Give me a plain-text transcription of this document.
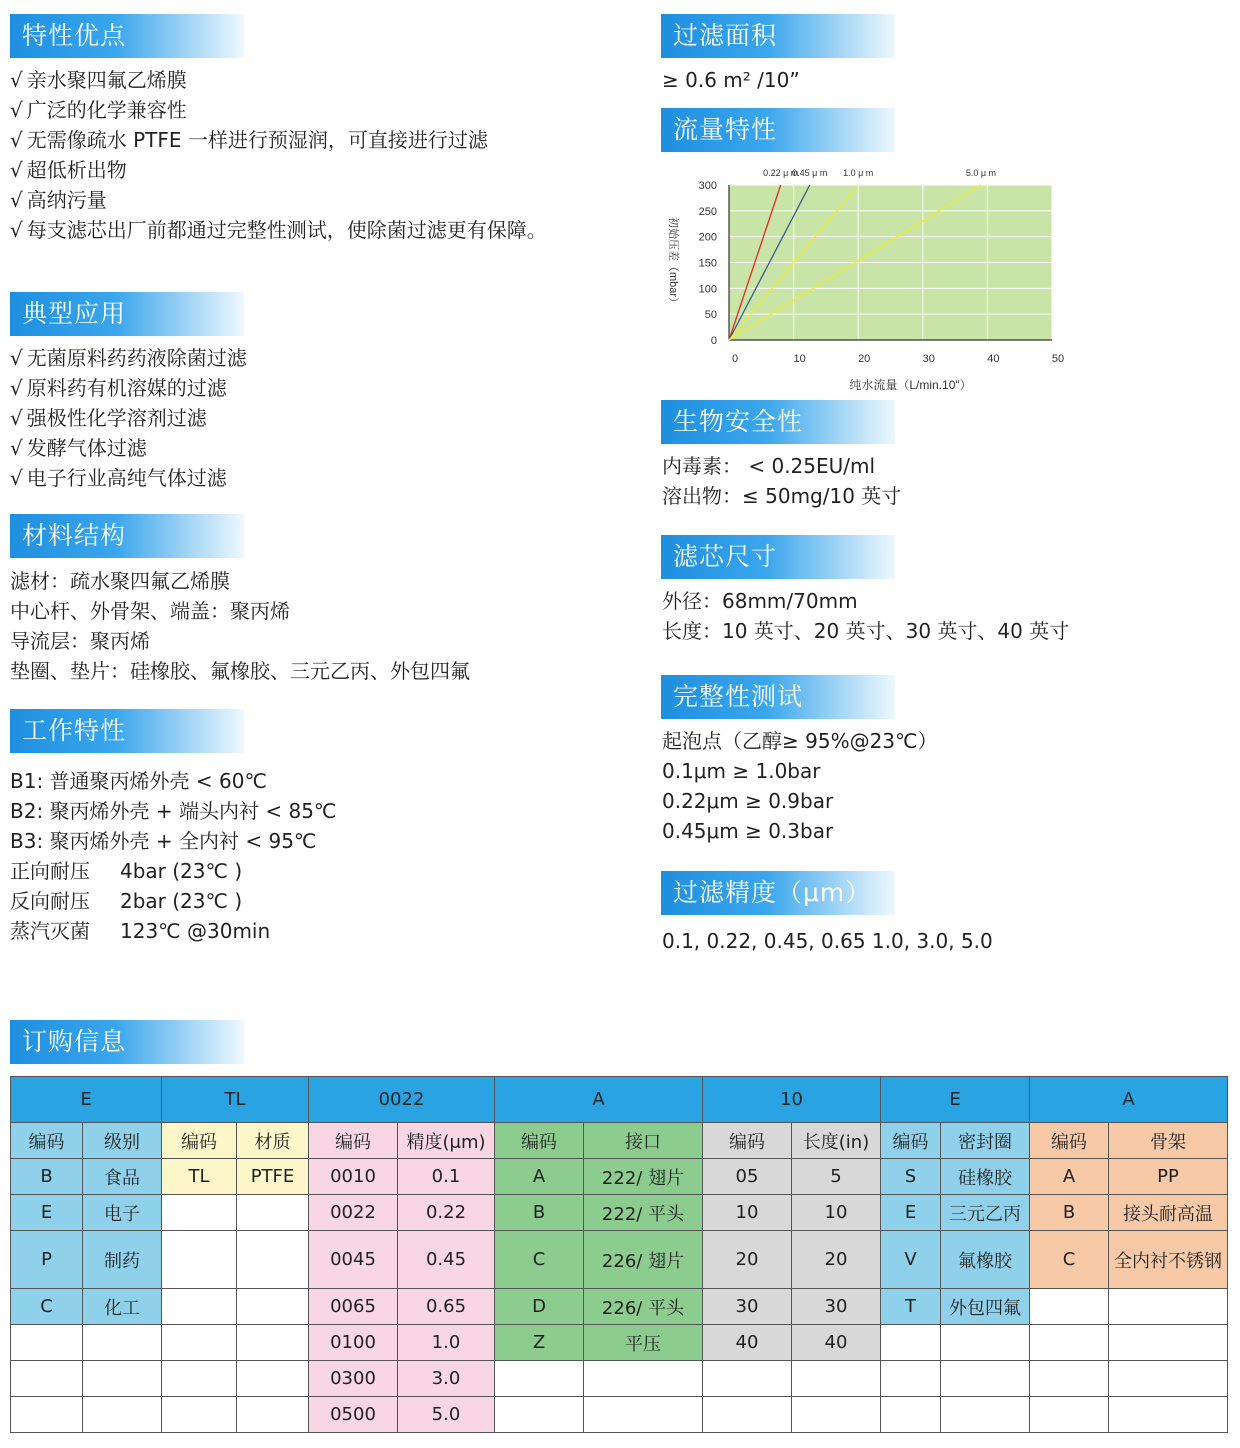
特性优点
√ 亲水聚四氟乙烯膜
√ 广泛的化学兼容性
√ 无需像疏水 PTFE 一样进行预湿润，可直接进行过滤
√ 超低析出物
√ 高纳污量
√ 每支滤芯出厂前都通过完整性测试，使除菌过滤更有保障。
典型应用
√ 无菌原料药药液除菌过滤
√ 原料药有机溶媒的过滤
√ 强极性化学溶剂过滤
√ 发酵气体过滤
√ 电子行业高纯气体过滤
材料结构
滤材：疏水聚四氟乙烯膜
中心杆、外骨架、端盖：聚丙烯
导流层：聚丙烯
垫圈、垫片：硅橡胶、氟橡胶、三元乙丙、外包四氟
工作特性
B1: 普通聚丙烯外壳 < 60℃
B2: 聚丙烯外壳 + 端头内衬 < 85℃
B3: 聚丙烯外壳 + 全内衬 < 95℃
正向耐压 4bar (23℃ )
反向耐压 2bar (23℃ )
蒸汽灭菌 123℃ @30min
过滤面积
≥ 0.6 m² /10”
流量特性
0	10	20	30	40	50
0
50
100
150
200
250
300
0.22 μ m
0.45 μ m 1.0 μ m	5.0 μ m
纯水流量（L/min.10"）
初始压差（mbar）
生物安全性
内毒素： < 0.25EU/ml
溶出物：≤ 50mg/10 英寸
滤芯尺寸
外径：68mm/70mm
长度：10 英寸、20 英寸、30 英寸、40 英寸
完整性测试
起泡点（乙醇≥ 95%@23℃）
0.1μm ≥ 1.0bar
0.22μm ≥ 0.9bar
0.45μm ≥ 0.3bar
过滤精度（μm）
0.1, 0.22, 0.45, 0.65 1.0, 3.0, 5.0
订购信息
E		TL		0022		A		10		E		A	
编码	级别	编码	材质	编码	精度(μm)	编码	接口	编码	长度(in)	编码	密封圈	编码	骨架
B	食品	TL	PTFE	0010	0.1	A	222/ 翅片	05	5	S	硅橡胶	A	PP
E	电子			0022	0.22	B	222/ 平头	10	10	E	三元乙丙	B	接头耐高温
P	制药			0045	0.45	C	226/ 翅片	20	20	V	氟橡胶	C	全内衬不锈钢
C	化工			0065	0.65	D	226/ 平头	30	30	T	外包四氟		
				0100	1.0	Z	平压	40	40				
				0300	3.0								
				0500	5.0								
